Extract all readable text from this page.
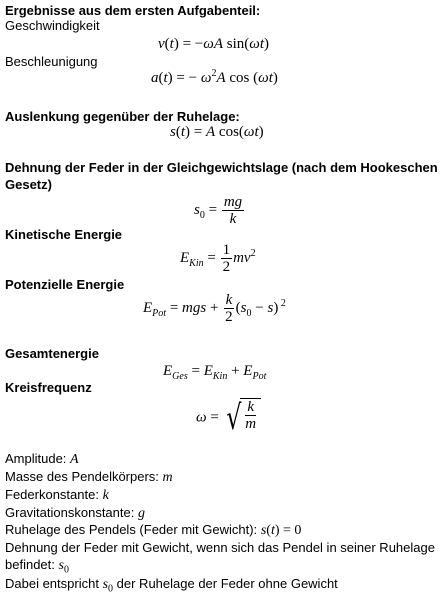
Ergebnisse aus dem ersten Aufgabenteil:
Geschwindigkeit
v(t) = −ωA sin(ωt)
Beschleunigung
a(t) = − $\omega^2A$ cos (ωt)
Auslenkung gegenüber der Ruhelage:
s(t) = A cos(ωt)
Dehnung der Feder in der Gleichgewichtslage (nach dem Hookeschen
Gesetz)
$s_0 = \frac{mg}{k}$
Kinetische Energie
$E_{Kin} = \frac{1}{2} mv^2$
Potenzielle Energie
$E_{Pot}$ = mgs + $\frac{k}{2} (s_0 - s)$ $^2$
Gesamtenergie
$E_{Ges} = E_{Kin} + E_{Pot}$
Kreisfrequenz
ω = √ $\frac{k}{m}$
Amplitude: A
Masse des Pendelkörpers: m
Federkonstante: k
Gravitationskonstante: g
Ruhelage des Pendels (Feder mit Gewicht): s(t) = 0
Dehnung der Feder mit Gewicht, wenn sich das Pendel in seiner Ruhelage
befindet: $s_0$
Dabei entspricht $s_0$ der Ruhelage der Feder ohne Gewicht
